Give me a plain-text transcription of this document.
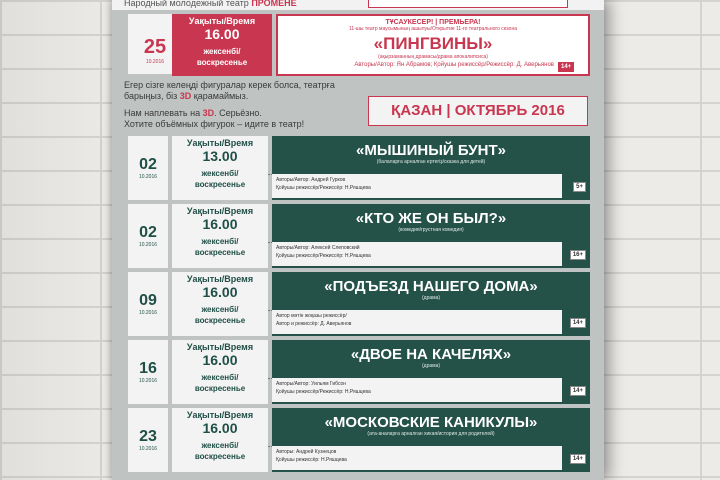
Народный молодежный театр ПРОМЕНЕ
25
10.2016
Уақыты/Время
16.00
жексенбі/
воскресенье
ТҰСАУКЕСЕР! | ПРЕМЬЕРА!
11-шы театр маусымының ашылуы/Открытие 11-го театрального сезона
«ПИНГВИНЫ»
(ақырзаманның драмасы/драма апокалипсиса)
Авторы/Автор: Ян Абрамов; Қойушы режиссёр/Режиссёр: Д. Аверьянов	14+
Егер сізге келеңді фигуралар керек болса, театрға барыңыз, біз 3D қарамаймыз.
Нам наплевать на 3D. Серьёзно.
Хотите объёмных фигурок – идите в театр!
ҚАЗАН | ОКТЯБРЬ 2016
02
10.2016
Уақыты/Время
13.00
жексенбі/
воскресенье
«МЫШИНЫЙ БУНТ»
(балаларға арналған ертегіҙ/сказка для детей)
Авторы/Автор: Андрей Гурков
Қойушы режиссёр/Режиссёр: Н.Ряшцева	5+
02
10.2016
Уақыты/Время
16.00
жексенбі/
воскресенье
«КТО ЖЕ ОН БЫЛ?»
(комедия/грустная комедия)
Авторы/Автор: Алексей Слеповский
Қойушы режиссёр/Режиссёр: Н.Ряшцева	16+
09
10.2016
Уақыты/Время
16.00
жексенбі/
воскресенье
«ПОДЪЕЗД НАШЕГО ДОМА»
(драма)
Автор мәтін жоқазы режиссёр/
Автор и режиссёр: Д. Аверьянов	14+
16
10.2016
Уақыты/Время
16.00
жексенбі/
воскресенье
«ДВОЕ НА КАЧЕЛЯХ»
(драма)
Авторы/Автор: Уильям Гибсон
Қойушы режиссёр/Режиссёр: Н.Ряшцева	14+
23
10.2016
Уақыты/Время
16.00
жексенбі/
воскресенье
«МОСКОВСКИЕ КАНИКУЛЫ»
(ата-аналарға арналған хикая/история для родителей)
Авторы: Андрей Кузнецов
Қойушы режиссёр: Н.Ряшцева	14+
